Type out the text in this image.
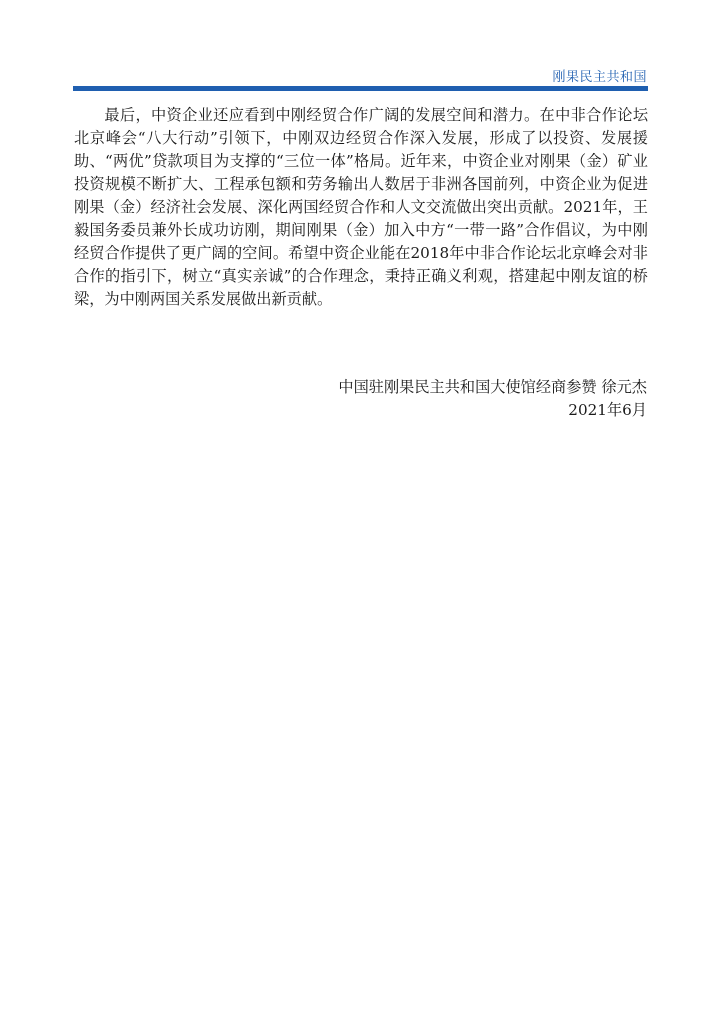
刚果民主共和国

最后，中资企业还应看到中刚经贸合作广阔的发展空间和潜力。在中非合作论坛北京峰会“八大行动”引领下，中刚双边经贸合作深入发展，形成了以投资、发展援助、“两优”贷款项目为支撑的“三位一体”格局。近年来，中资企业对刚果（金）矿业投资规模不断扩大、工程承包额和劳务输出人数居于非洲各国前列，中资企业为促进刚果（金）经济社会发展、深化两国经贸合作和人文交流做出突出贡献。2021年，王毅国务委员兼外长成功访刚，期间刚果（金）加入中方“一带一路”合作倡议，为中刚经贸合作提供了更广阔的空间。希望中资企业能在2018年中非合作论坛北京峰会对非合作的指引下，树立“真实亲诚”的合作理念，秉持正确义利观，搭建起中刚友谊的桥梁，为中刚两国关系发展做出新贡献。

中国驻刚果民主共和国大使馆经商参赞 徐元杰
2021年6月
